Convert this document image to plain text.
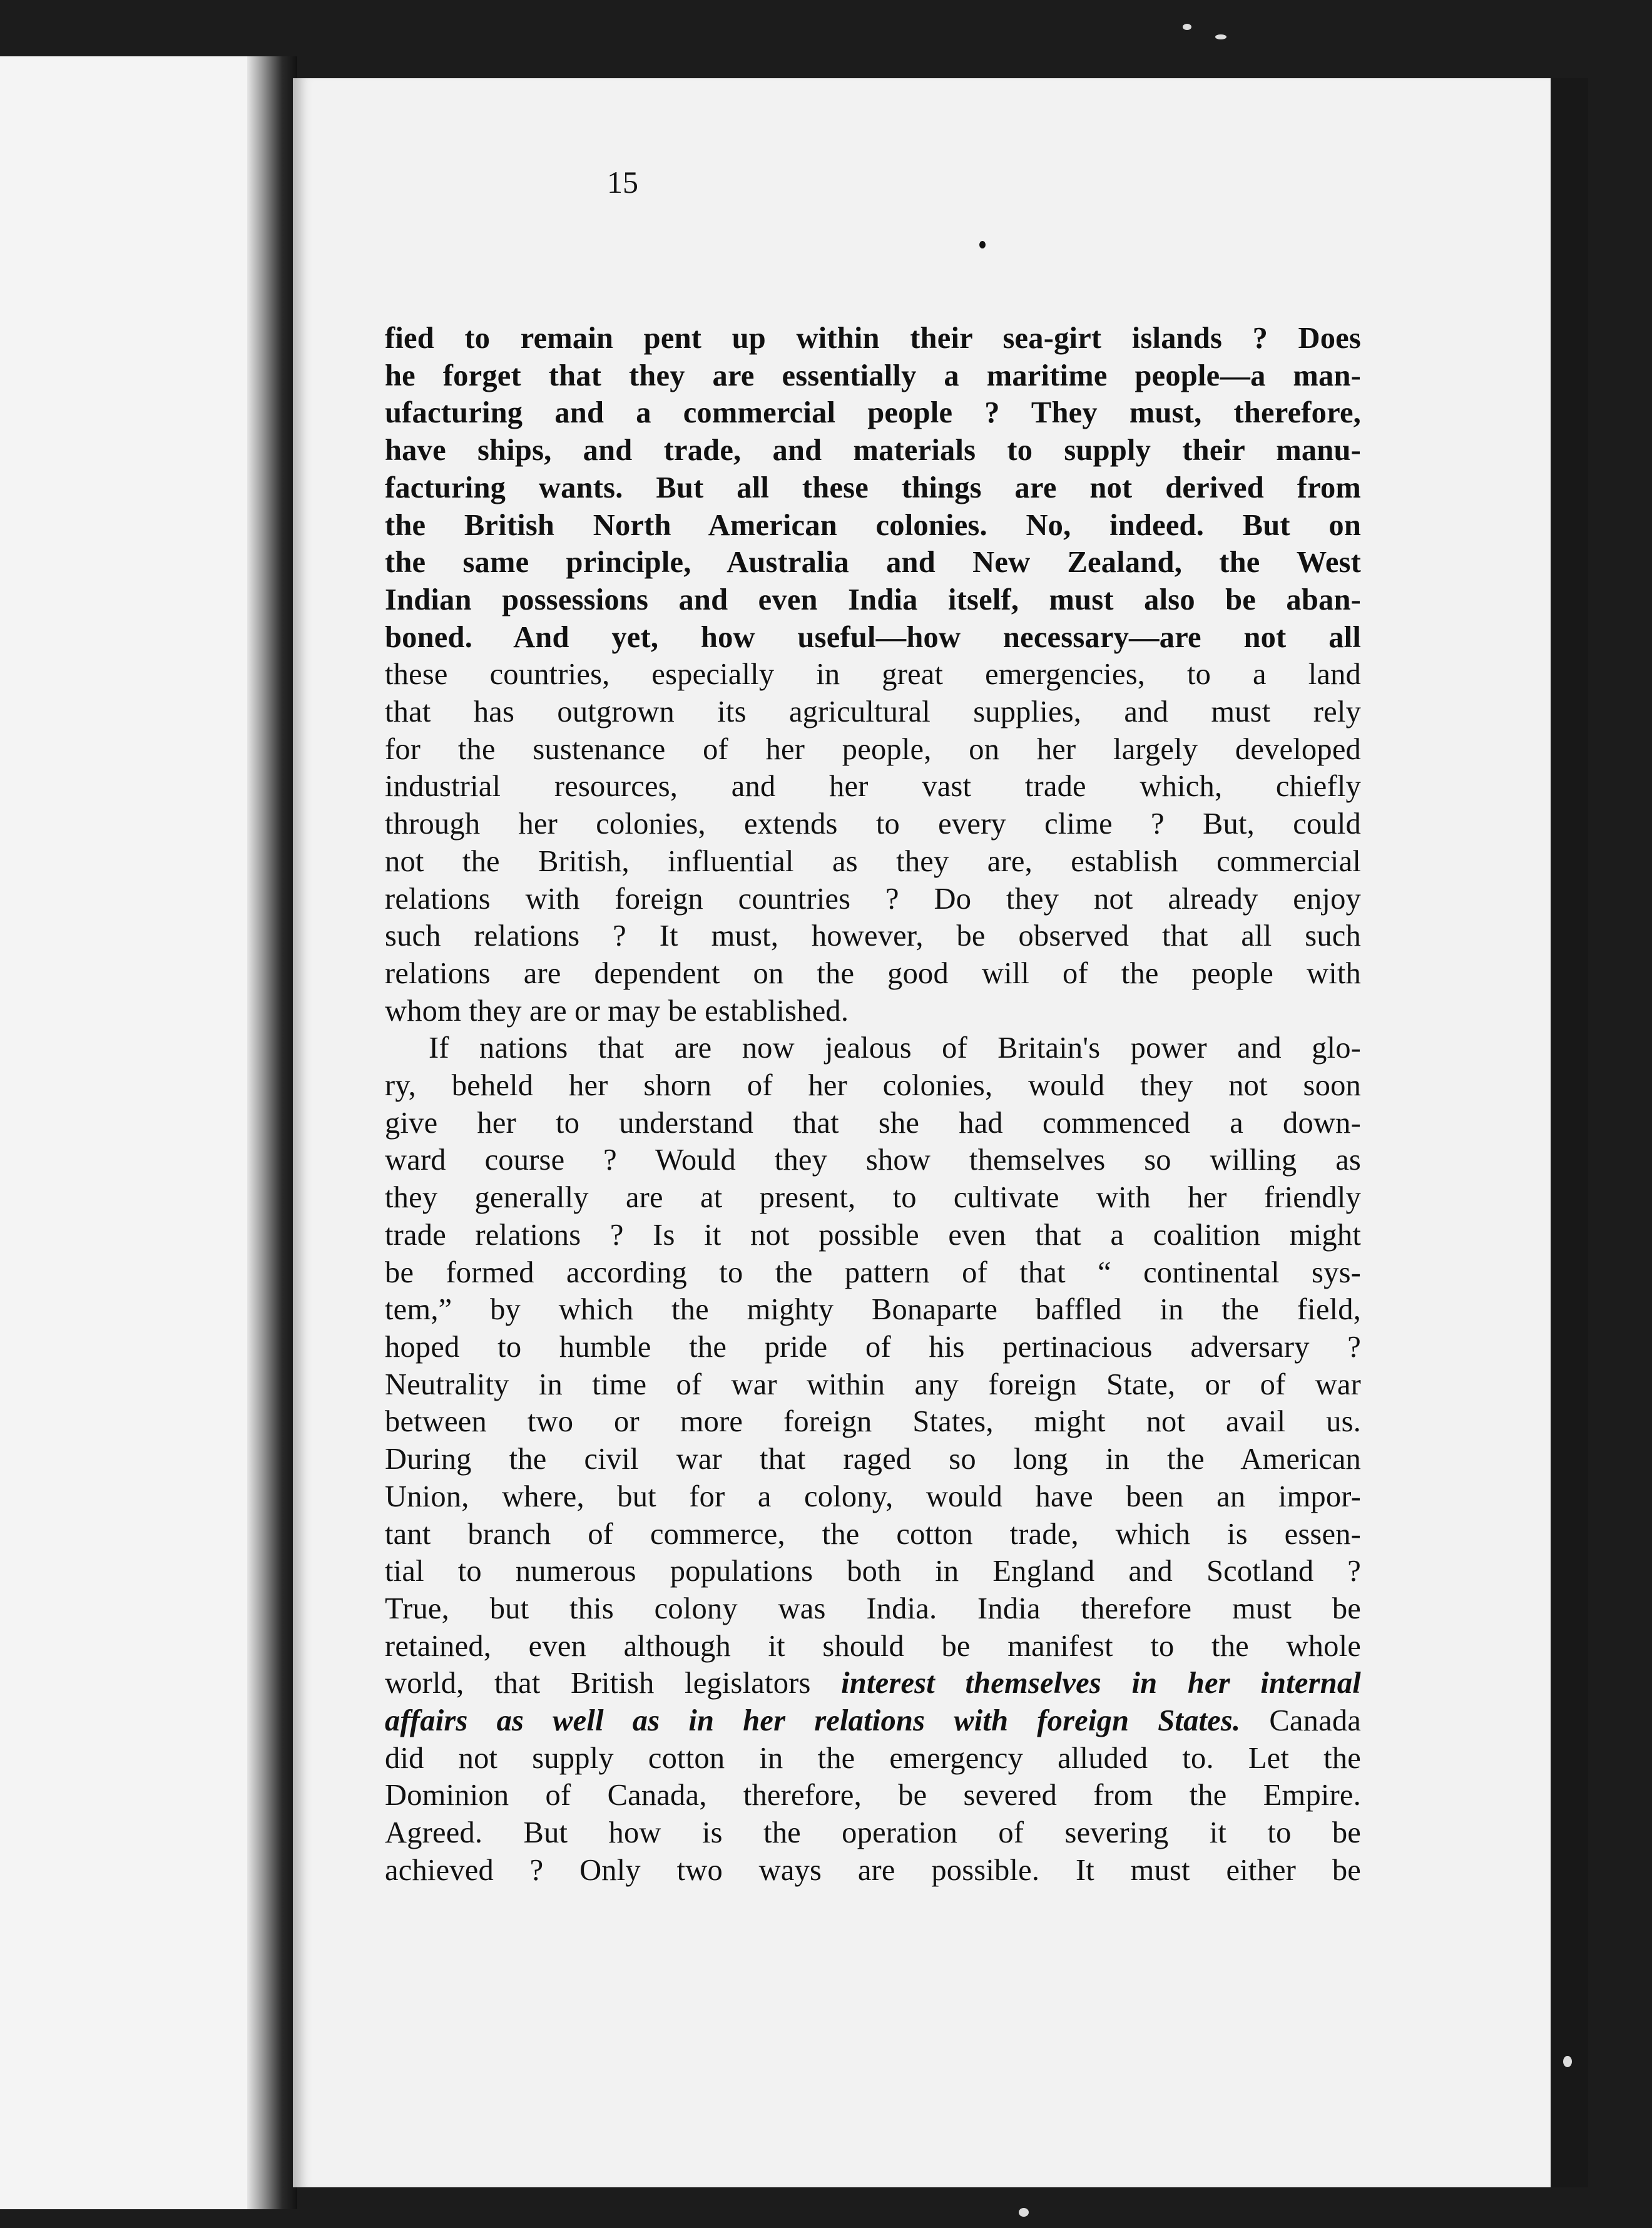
15
fied to remain pent up within their sea-girt islands ? Does
he forget that they are essentially a maritime people—a man-
ufacturing and a commercial people ? They must, therefore,
have ships, and trade, and materials to supply their manu-
facturing wants. But all these things are not derived from
the British North American colonies. No, indeed. But on
the same principle, Australia and New Zealand, the West
Indian possessions and even India itself, must also be aban-
boned. And yet, how useful—how necessary—are not all
these countries, especially in great emergencies, to a land
that has outgrown its agricultural supplies, and must rely
for the sustenance of her people, on her largely developed
industrial resources, and her vast trade which, chiefly
through her colonies, extends to every clime ? But, could
not the British, influential as they are, establish commercial
relations with foreign countries ? Do they not already enjoy
such relations ? It must, however, be observed that all such
relations are dependent on the good will of the people with
whom they are or may be established.
If nations that are now jealous of Britain's power and glo-
ry, beheld her shorn of her colonies, would they not soon
give her to understand that she had commenced a down-
ward course ? Would they show themselves so willing as
they generally are at present, to cultivate with her friendly
trade relations ? Is it not possible even that a coalition might
be formed according to the pattern of that “ continental sys-
tem,” by which the mighty Bonaparte baffled in the field,
hoped to humble the pride of his pertinacious adversary ?
Neutrality in time of war within any foreign State, or of war
between two or more foreign States, might not avail us.
During the civil war that raged so long in the American
Union, where, but for a colony, would have been an impor-
tant branch of commerce, the cotton trade, which is essen-
tial to numerous populations both in England and Scotland ?
True, but this colony was India. India therefore must be
retained, even although it should be manifest to the whole
world, that British legislators interest themselves in her internal
affairs as well as in her relations with foreign States. Canada
did not supply cotton in the emergency alluded to. Let the
Dominion of Canada, therefore, be severed from the Empire.
Agreed. But how is the operation of severing it to be
achieved ? Only two ways are possible. It must either be
